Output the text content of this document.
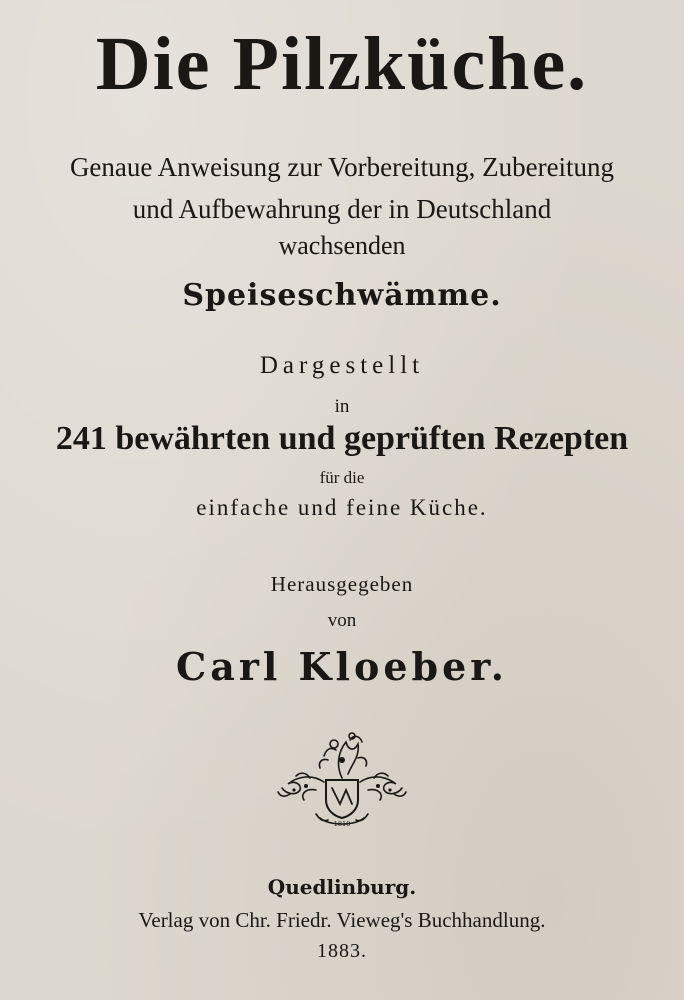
Die Pilzküche.
Genaue Anweisung zur Vorbereitung, Zubereitung
und Aufbewahrung der in Deutschland
wachsenden
Speiseschwämme.
Dargestellt
in
241 bewährten und geprüften Rezepten
für die
einfache und feine Küche.
Herausgegeben
von
Carl Kloeber.
1810
Quedlinburg.
Verlag von Chr. Friedr. Vieweg's Buchhandlung.
1883.
